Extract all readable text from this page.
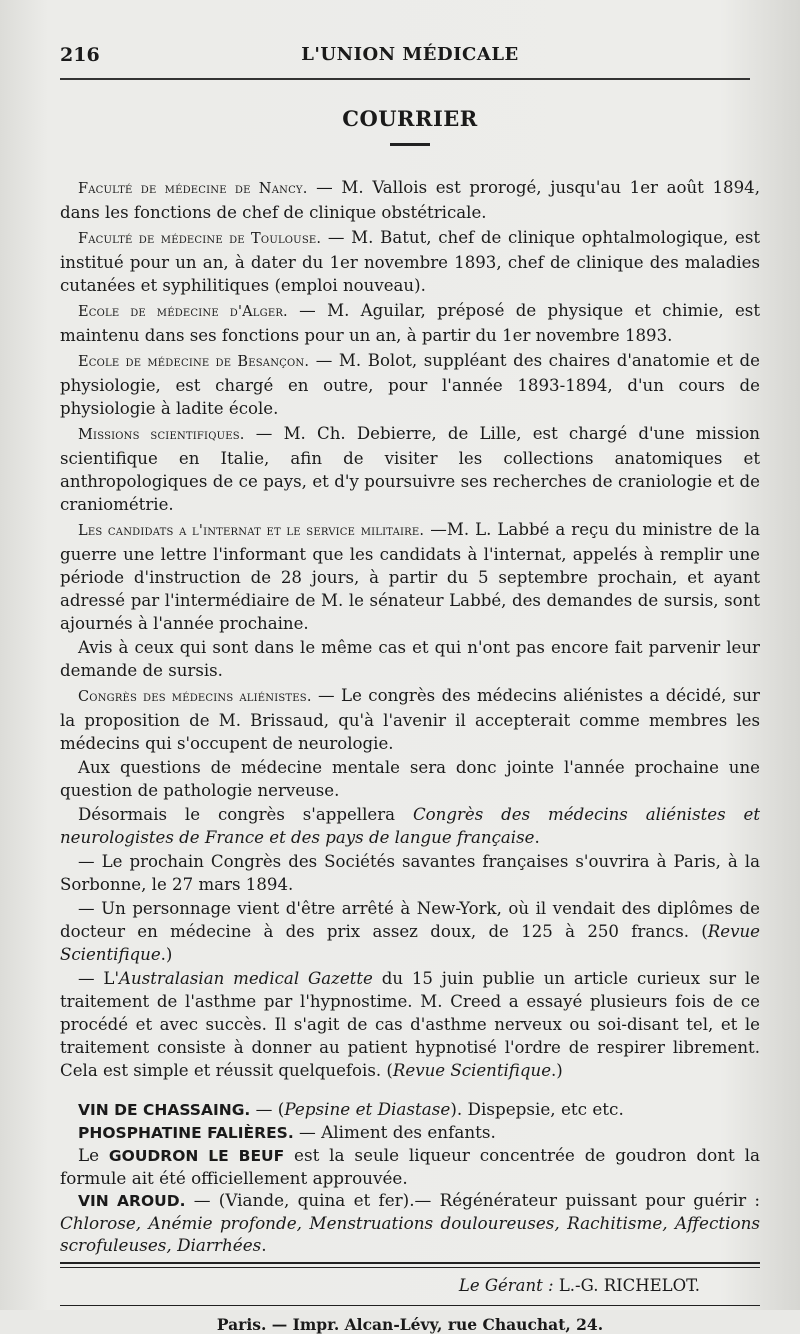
216	L'UNION MÉDICALE
COURRIER

Faculté de médecine de Nancy. — M. Vallois est prorogé, jusqu'au 1er août 1894, dans les fonctions de chef de clinique obstétricale.

Faculté de médecine de Toulouse. — M. Batut, chef de clinique ophtalmologique, est institué pour un an, à dater du 1er novembre 1893, chef de clinique des maladies cutanées et syphilitiques (emploi nouveau).

Ecole de médecine d'Alger. — M. Aguilar, préposé de physique et chimie, est maintenu dans ses fonctions pour un an, à partir du 1er novembre 1893.

Ecole de médecine de Besançon. — M. Bolot, suppléant des chaires d'anatomie et de physiologie, est chargé en outre, pour l'année 1893-1894, d'un cours de physiologie à ladite école.

Missions scientifiques. — M. Ch. Debierre, de Lille, est chargé d'une mission scientifique en Italie, afin de visiter les collections anatomiques et anthropologiques de ce pays, et d'y poursuivre ses recherches de craniologie et de craniométrie.

Les candidats a l'internat et le service militaire. —M. L. Labbé a reçu du ministre de la guerre une lettre l'informant que les candidats à l'internat, appelés à remplir une période d'instruction de 28 jours, à partir du 5 septembre prochain, et ayant adressé par l'intermédiaire de M. le sénateur Labbé, des demandes de sursis, sont ajournés à l'année prochaine.

Avis à ceux qui sont dans le même cas et qui n'ont pas encore fait parvenir leur demande de sursis.

Congrès des médecins aliénistes. — Le congrès des médecins aliénistes a décidé, sur la proposition de M. Brissaud, qu'à l'avenir il accepterait comme membres les médecins qui s'occupent de neurologie.

Aux questions de médecine mentale sera donc jointe l'année prochaine une question de pathologie nerveuse.

Désormais le congrès s'appellera Congrès des médecins aliénistes et neurologistes de France et des pays de langue française.

— Le prochain Congrès des Sociétés savantes françaises s'ouvrira à Paris, à la Sorbonne, le 27 mars 1894.

— Un personnage vient d'être arrêté à New-York, où il vendait des diplômes de docteur en médecine à des prix assez doux, de 125 à 250 francs. (Revue Scientifique.)

— L'Australasian medical Gazette du 15 juin publie un article curieux sur le traitement de l'asthme par l'hypnostime. M. Creed a essayé plusieurs fois de ce procédé et avec succès. Il s'agit de cas d'asthme nerveux ou soi-disant tel, et le traitement consiste à donner au patient hypnotisé l'ordre de respirer librement. Cela est simple et réussit quelquefois. (Revue Scientifique.)

VIN DE CHASSAING. — (Pepsine et Diastase). Dispepsie, etc etc.

PHOSPHATINE FALIÈRES. — Aliment des enfants.

Le GOUDRON LE BEUF est la seule liqueur concentrée de goudron dont la formule ait été officiellement approuvée.

VIN AROUD. — (Viande, quina et fer).— Régénérateur puissant pour guérir : Chlorose, Anémie profonde, Menstruations douloureuses, Rachitisme, Affections scrofuleuses, Diarrhées.

Le Gérant : L.-G. RICHELOT.
Paris. — Impr. Alcan-Lévy, rue Chauchat, 24.
